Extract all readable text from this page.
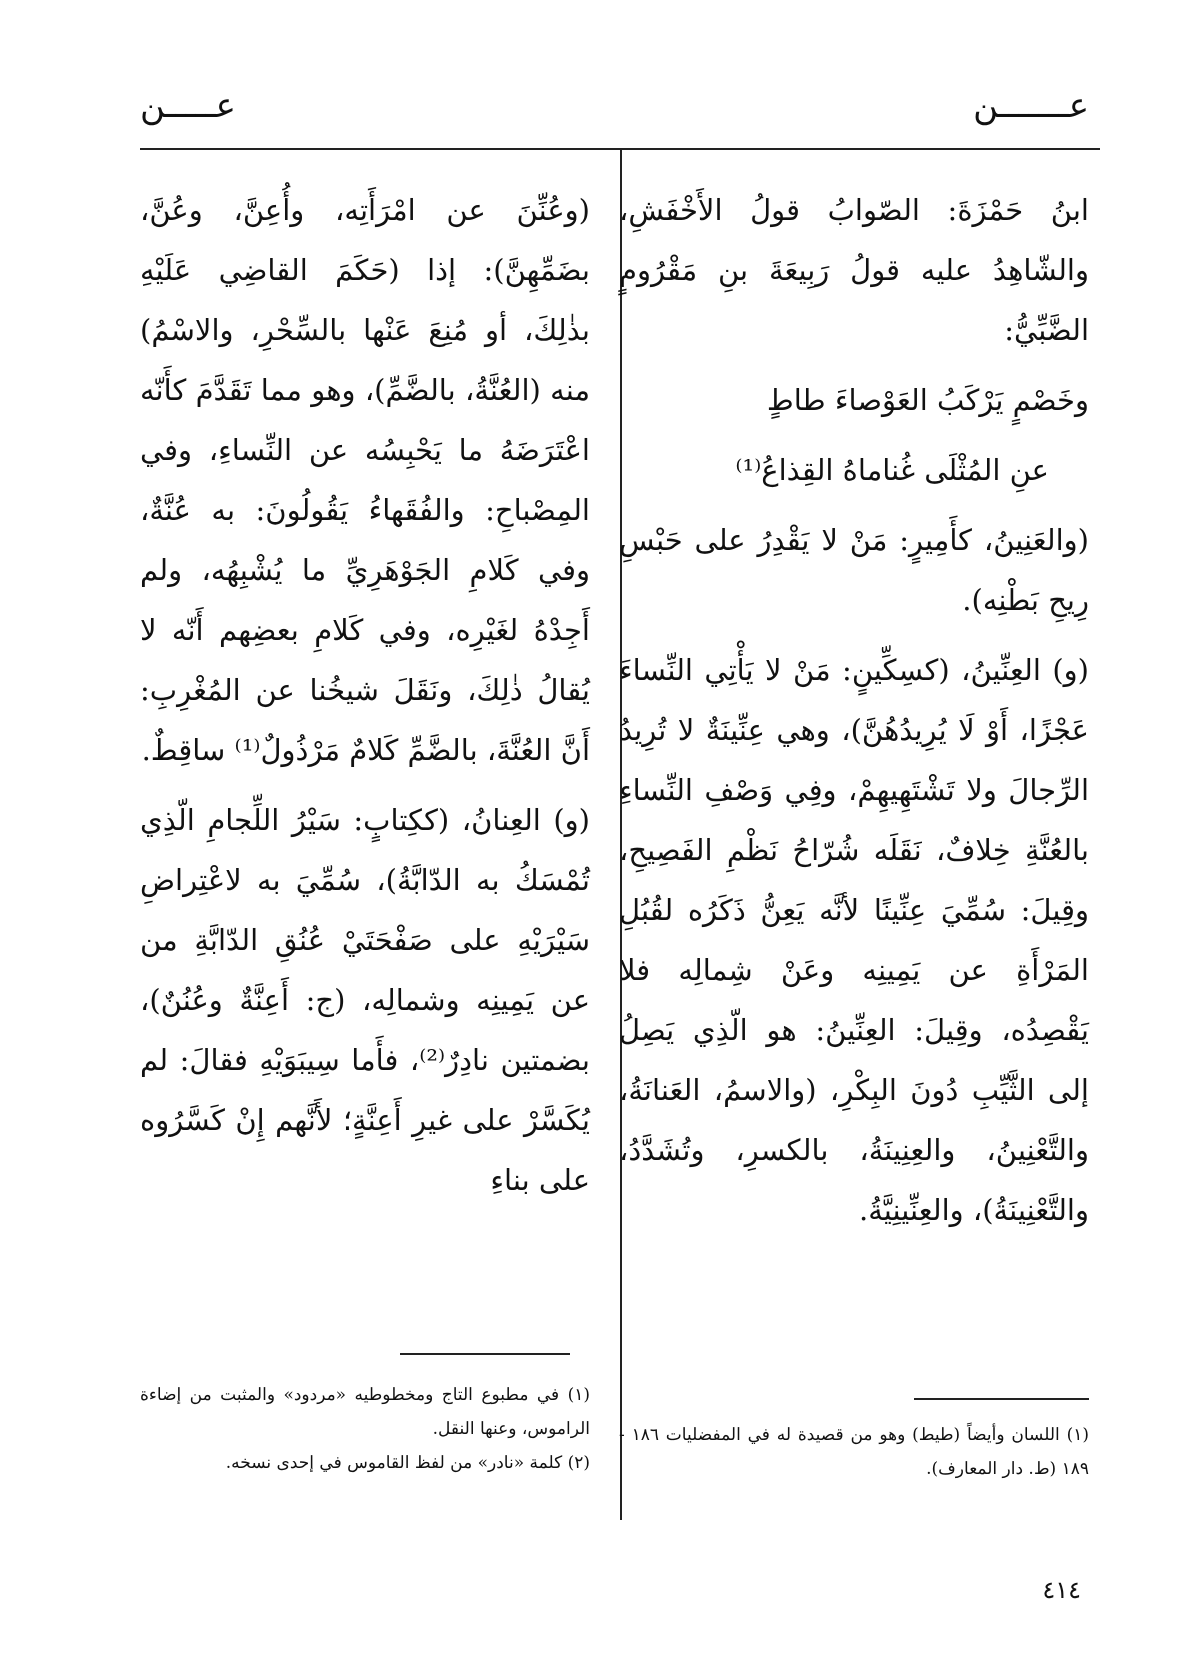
عـــــــن
عـــــن

ابنُ حَمْزَةَ: الصّوابُ قولُ الأَخْفَشِ، والشّاهِدُ عليه قولُ رَبِيعَةَ بنِ مَقْرُومٍ الضَّبِّيُّ:

وخَصْمٍ يَرْكَبُ العَوْصاءَ طاطٍ

عنِ المُثْلَى غُناماهُ القِذاعُ⁽¹⁾

(والعَنِينُ، كأَمِيرٍ: مَنْ لا يَقْدِرُ على حَبْسِ رِيحِ بَطْنِه).

(و) العِنِّينُ، (كسِكِّينٍ: مَنْ لا يَأْتِي النِّساءَ عَجْزًا، أَوْ لَا يُرِيدُهُنَّ)، وهي عِنِّينَةٌ لا تُرِيدُ الرِّجالَ ولا تَشْتَهِيهِمْ، وفِي وَصْفِ النِّساءِ بالعُنَّةِ خِلافٌ، نَقَلَه شُرّاحُ نَظْمِ الفَصِيحِ، وقِيلَ: سُمِّيَ عِنِّينًا لأنَّه يَعِنُّ ذَكَرُه لقُبُلِ المَرْأَةِ عن يَمِينِه وعَنْ شِمالِه فلا يَقْصِدُه، وقِيلَ: العِنِّينُ: هو الّذِي يَصِلُ إلى الثَّيِّبِ دُونَ البِكْرِ، (والاسمُ، العَنانَةُ، والتَّعْنِينُ، والعِنِينَةُ، بالكسرِ، وتُشَدَّدُ، والتَّعْنِينَةُ)، والعِنِّينِيَّةُ.

(وعُنِّنَ عن امْرَأَتِه، وأُعِنَّ، وعُنَّ، بضَمِّهِنَّ): إذا (حَكَمَ القاضِي عَلَيْهِ بذٰلِكَ، أو مُنِعَ عَنْها بالسِّحْرِ، والاسْمُ) منه (العُنَّةُ، بالضَّمِّ)، وهو مما تَقَدَّمَ كأَنّه اعْتَرَضَهُ ما يَحْبِسُه عن النِّساءِ، وفي المِصْباحِ: والفُقَهاءُ يَقُولُونَ: به عُنَّةٌ، وفي كَلامِ الجَوْهَرِيِّ ما يُشْبِهُه، ولم أَجِدْهُ لغَيْرِه، وفي كَلامِ بعضِهم أَنّه لا يُقالُ ذٰلِكَ، ونَقَلَ شيخُنا عن المُغْرِبِ: أَنَّ العُنَّةَ، بالضَّمِّ كَلامٌ مَرْذُولٌ⁽¹⁾ ساقِطٌ.

(و) العِنانُ، (ككِتابٍ: سَيْرُ اللِّجامِ الّذِي تُمْسَكُ به الدّابَّةُ)، سُمِّيَ به لاعْتِراضِ سَيْرَيْهِ على صَفْحَتَيْ عُنُقِ الدّابَّةِ من عن يَمِينِه وشمالِه، (ج: أَعِنَّةٌ وعُنُنٌ)، بضمتين نادِرٌ⁽²⁾، فأَما سِيبَوَيْهِ فقالَ: لم يُكَسَّرْ على غيرِ أَعِنَّةٍ؛ لأَنَّهم إِنْ كَسَّرُوه على بناءِ

(١) اللسان وأيضاً (طيط) وهو من قصيدة له في المفضليات ١٨٦ - ١٨٩ (ط. دار المعارف).

(١) في مطبوع التاج ومخطوطيه «مردود» والمثبت من إضاءة الراموس، وعنها النقل.

(٢) كلمة «نادر» من لفظ القاموس في إحدى نسخه.

٤١٤
